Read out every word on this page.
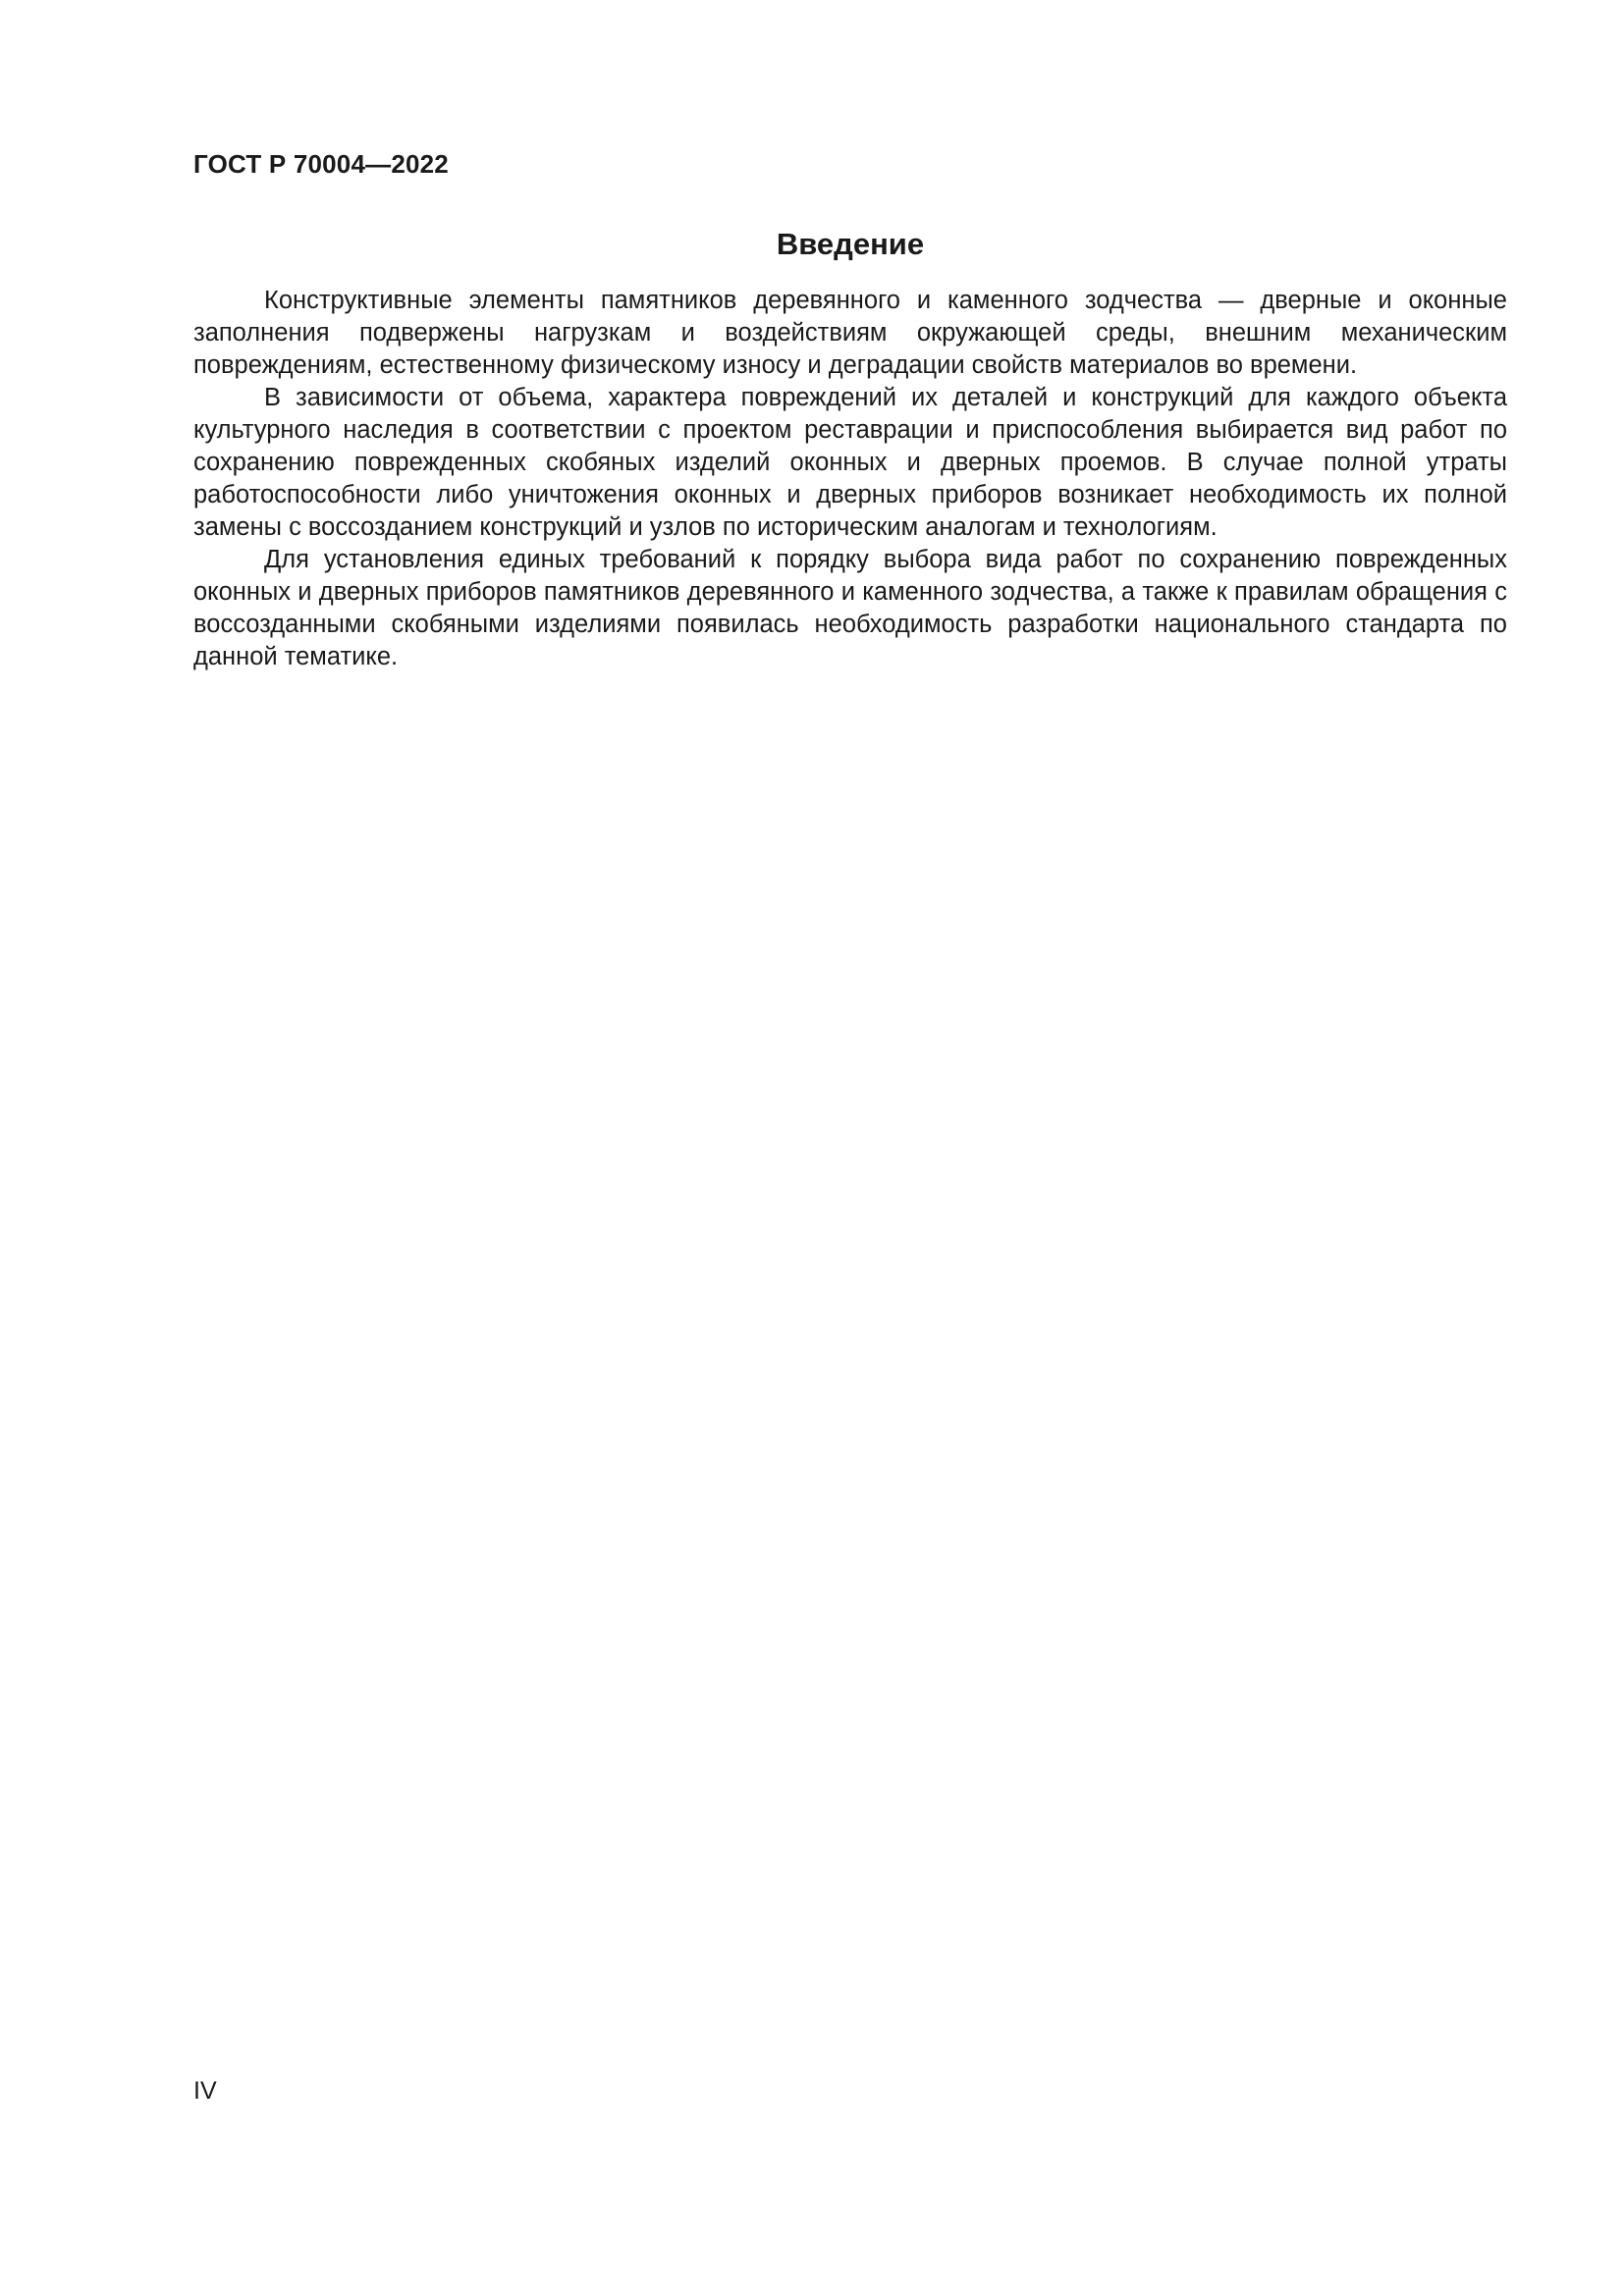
ГОСТ Р 70004—2022
Введение

Конструктивные элементы памятников деревянного и каменного зодчества — дверные и оконные заполнения подвержены нагрузкам и воздействиям окружающей среды, внешним механическим повреждениям, естественному физическому износу и деградации свойств материалов во времени.

В зависимости от объема, характера повреждений их деталей и конструкций для каждого объекта культурного наследия в соответствии с проектом реставрации и приспособления выбирается вид работ по сохранению поврежденных скобяных изделий оконных и дверных проемов. В случае полной утраты работоспособности либо уничтожения оконных и дверных приборов возникает необходимость их полной замены с воссозданием конструкций и узлов по историческим аналогам и технологиям.

Для установления единых требований к порядку выбора вида работ по сохранению поврежденных оконных и дверных приборов памятников деревянного и каменного зодчества, а также к правилам обращения с воссозданными скобяными изделиями появилась необходимость разработки национального стандарта по данной тематике.

IV
